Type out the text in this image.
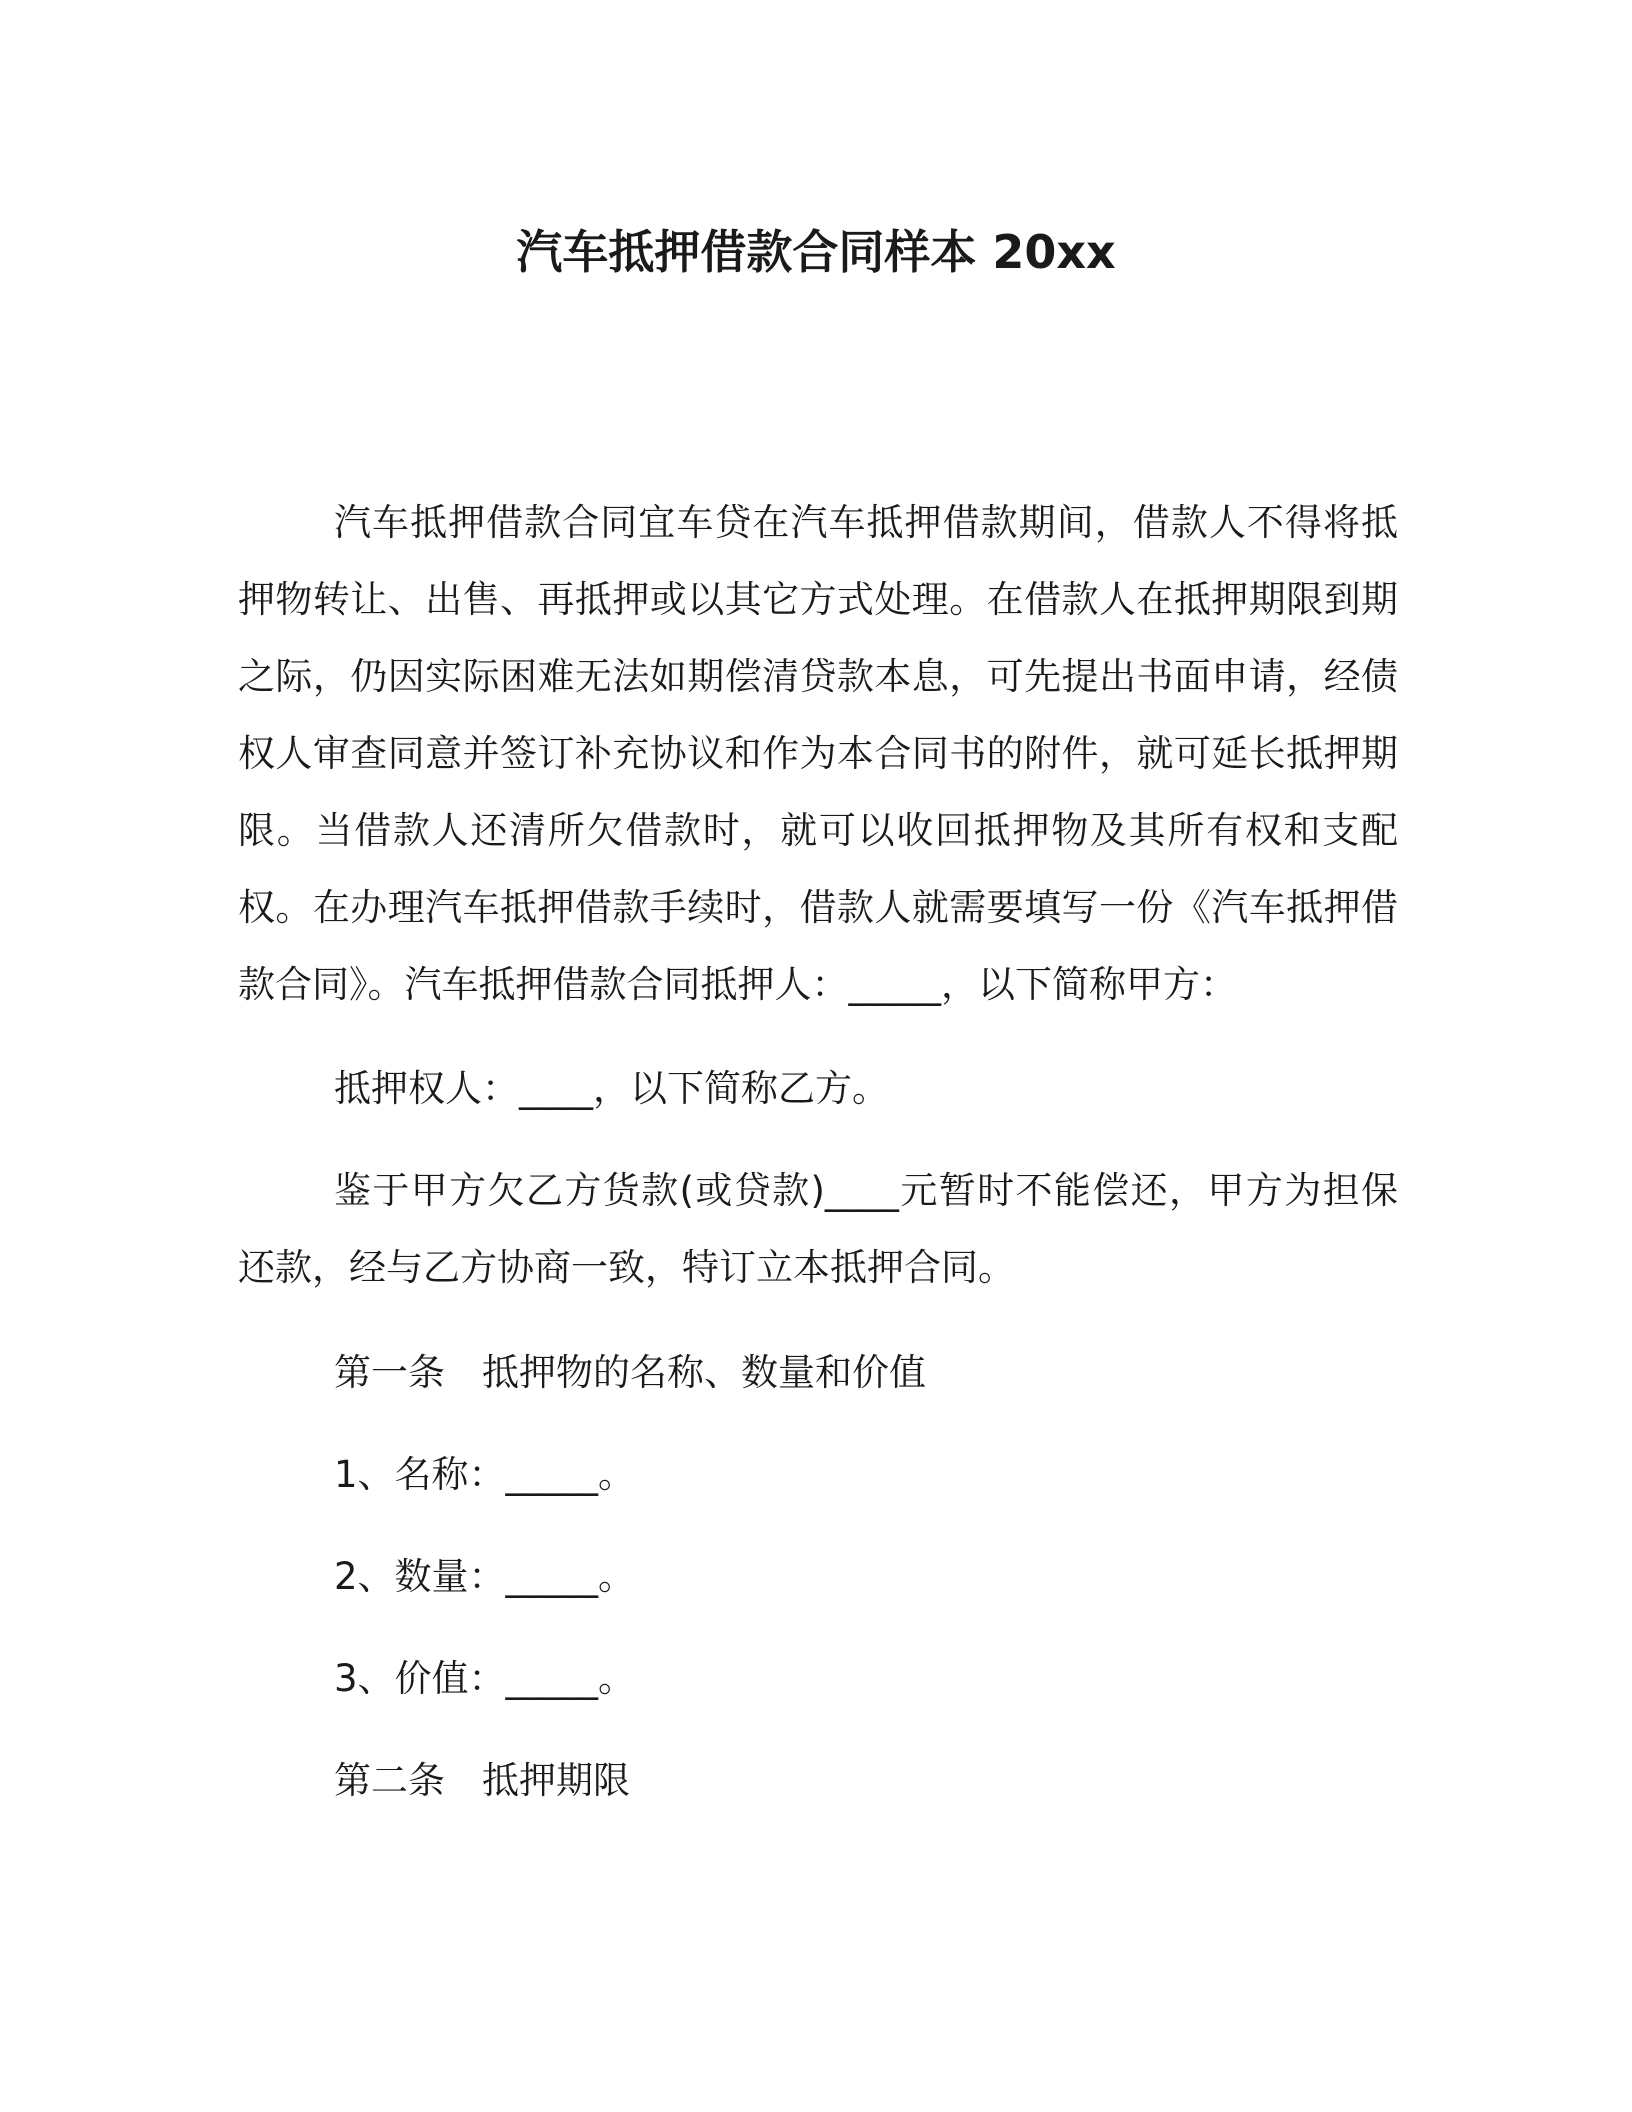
汽车抵押借款合同样本 20xx

汽车抵押借款合同宜车贷在汽车抵押借款期间，借款人不得将抵押物转让、出售、再抵押或以其它方式处理。在借款人在抵押期限到期之际，仍因实际困难无法如期偿清贷款本息，可先提出书面申请，经债权人审查同意并签订补充协议和作为本合同书的附件，就可延长抵押期限。当借款人还清所欠借款时，就可以收回抵押物及其所有权和支配权。在办理汽车抵押借款手续时，借款人就需要填写一份《汽车抵押借款合同》。汽车抵押借款合同抵押人：_____，以下简称甲方：

抵押权人：____，以下简称乙方。

鉴于甲方欠乙方货款(或贷款)____元暂时不能偿还，甲方为担保还款，经与乙方协商一致，特订立本抵押合同。

第一条　抵押物的名称、数量和价值

1、名称：_____。

2、数量：_____。

3、价值：_____。

第二条　抵押期限
